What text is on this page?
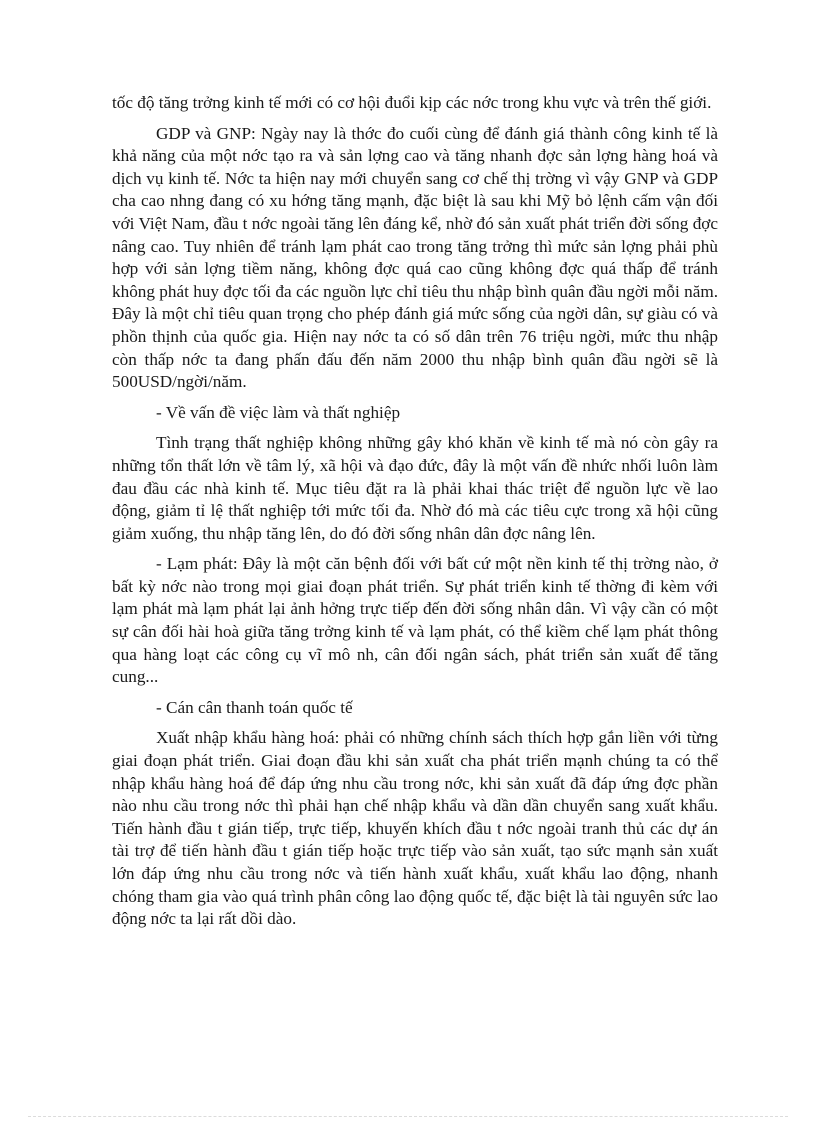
tốc độ tăng trởng kinh tế mới có cơ hội đuổi kịp các nớc trong khu vực và trên thế giới.

GDP và GNP: Ngày nay là thớc đo cuối cùng để đánh giá thành công kinh tế là khả năng của một nớc tạo ra và sản lợng cao và tăng nhanh đợc sản lợng hàng hoá và dịch vụ kinh tế. Nớc ta hiện nay mới chuyển sang cơ chế thị trờng vì vậy GNP và GDP cha cao nhng đang có xu hớng tăng mạnh, đặc biệt là sau khi Mỹ bỏ lệnh cấm vận đối với Việt Nam, đầu t nớc ngoài tăng lên đáng kể, nhờ đó sản xuất phát triển đời sống đợc nâng cao. Tuy nhiên để tránh lạm phát cao trong tăng trởng thì mức sản lợng phải phù hợp với sản lợng tiềm năng, không đợc quá cao cũng không đợc quá thấp để tránh không phát huy đợc tối đa các nguồn lực chỉ tiêu thu nhập bình quân đầu ngời mỗi năm. Đây là một chỉ tiêu quan trọng cho phép đánh giá mức sống của ngời dân, sự giàu có và phồn thịnh của quốc gia. Hiện nay nớc ta có số dân trên 76 triệu ngời, mức thu nhập còn thấp nớc ta đang phấn đấu đến năm 2000 thu nhập bình quân đầu ngời sẽ là 500USD/ngời/năm.

- Về vấn đề việc làm và thất nghiệp

Tình trạng thất nghiệp không những gây khó khăn về kinh tế mà nó còn gây ra những tổn thất lớn về tâm lý, xã hội và đạo đức, đây là một vấn đề nhức nhối luôn làm đau đầu các nhà kinh tế. Mục tiêu đặt ra là phải khai thác triệt để nguồn lực về lao động, giảm tỉ lệ thất nghiệp tới mức tối đa. Nhờ đó mà các tiêu cực trong xã hội cũng giảm xuống, thu nhập tăng lên, do đó đời sống nhân dân đợc nâng lên.

- Lạm phát: Đây là một căn bệnh đối với bất cứ một nền kinh tế thị trờng nào, ở bất kỳ nớc nào trong mọi giai đoạn phát triển. Sự phát triển kinh tế thờng đi kèm với lạm phát mà lạm phát lại ảnh hởng trực tiếp đến đời sống nhân dân. Vì vậy cần có một sự cân đối hài hoà giữa tăng trởng kinh tế và lạm phát, có thể kiềm chế lạm phát thông qua hàng loạt các công cụ vĩ mô nh, cân đối ngân sách, phát triển sản xuất để tăng cung...

- Cán cân thanh toán quốc tế

Xuất nhập khẩu hàng hoá: phải có những chính sách thích hợp gắn liền với từng giai đoạn phát triển. Giai đoạn đầu khi sản xuất cha phát triển mạnh chúng ta có thể nhập khẩu hàng hoá để đáp ứng nhu cầu trong nớc, khi sản xuất đã đáp ứng đợc phần nào nhu cầu trong nớc thì phải hạn chế nhập khẩu và dần dần chuyển sang xuất khẩu. Tiến hành đầu t gián tiếp, trực tiếp, khuyến khích đầu t nớc ngoài tranh thủ các dự án tài trợ để tiến hành đầu t gián tiếp hoặc trực tiếp vào sản xuất, tạo sức mạnh sản xuất lớn đáp ứng nhu cầu trong nớc và tiến hành xuất khẩu, xuất khẩu lao động, nhanh chóng tham gia vào quá trình phân công lao động quốc tế, đặc biệt là tài nguyên sức lao động nớc ta lại rất dồi dào.
